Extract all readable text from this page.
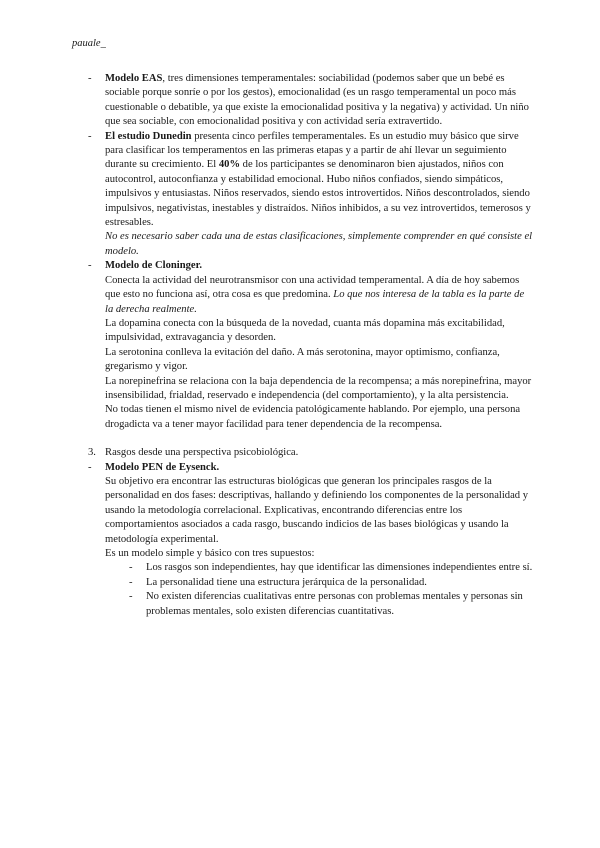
pauale_
- Modelo EAS, tres dimensiones temperamentales: sociabilidad (podemos saber que un bebé es sociable porque sonríe o por los gestos), emocionalidad (es un rasgo temperamental un poco más cuestionable o debatible, ya que existe la emocionalidad positiva y la negativa) y actividad. Un niño que sea sociable, con emocionalidad positiva y con actividad sería extravertido.

- El estudio Dunedin presenta cinco perfiles temperamentales. Es un estudio muy básico que sirve para clasificar los temperamentos en las primeras etapas y a partir de ahí llevar un seguimiento durante su crecimiento. El 40% de los participantes se denominaron bien ajustados, niños con autocontrol, autoconfianza y estabilidad emocional. Hubo niños confiados, siendo simpáticos, impulsivos y entusiastas. Niños reservados, siendo estos introvertidos. Niños descontrolados, siendo impulsivos, negativistas, inestables y distraídos. Niños inhibidos, a su vez introvertidos, temerosos y estresables.

No es necesario saber cada una de estas clasificaciones, simplemente comprender en qué consiste el modelo.

- Modelo de Cloninger.

Conecta la actividad del neurotransmisor con una actividad temperamental. A día de hoy sabemos que esto no funciona así, otra cosa es que predomina. Lo que nos interesa de la tabla es la parte de la derecha realmente.

La dopamina conecta con la búsqueda de la novedad, cuanta más dopamina más excitabilidad, impulsividad, extravagancia y desorden.

La serotonina conlleva la evitación del daño. A más serotonina, mayor optimismo, confianza, gregarismo y vigor.

La norepinefrina se relaciona con la baja dependencia de la recompensa; a más norepinefrina, mayor insensibilidad, frialdad, reservado e independencia (del comportamiento), y la alta persistencia.

No todas tienen el mismo nivel de evidencia patológicamente hablando. Por ejemplo, una persona drogadicta va a tener mayor facilidad para tener dependencia de la recompensa.

3. Rasgos desde una perspectiva psicobiológica.

- Modelo PEN de Eysenck.

Su objetivo era encontrar las estructuras biológicas que generan los principales rasgos de la personalidad en dos fases: descriptivas, hallando y definiendo los componentes de la personalidad y usando la metodología correlacional. Explicativas, encontrando diferencias entre los comportamientos asociados a cada rasgo, buscando indicios de las bases biológicas y usando la metodología experimental.

Es un modelo simple y básico con tres supuestos:

- Los rasgos son independientes, hay que identificar las dimensiones independientes entre sí.

- La personalidad tiene una estructura jerárquica de la personalidad.

- No existen diferencias cualitativas entre personas con problemas mentales y personas sin problemas mentales, solo existen diferencias cuantitativas.
